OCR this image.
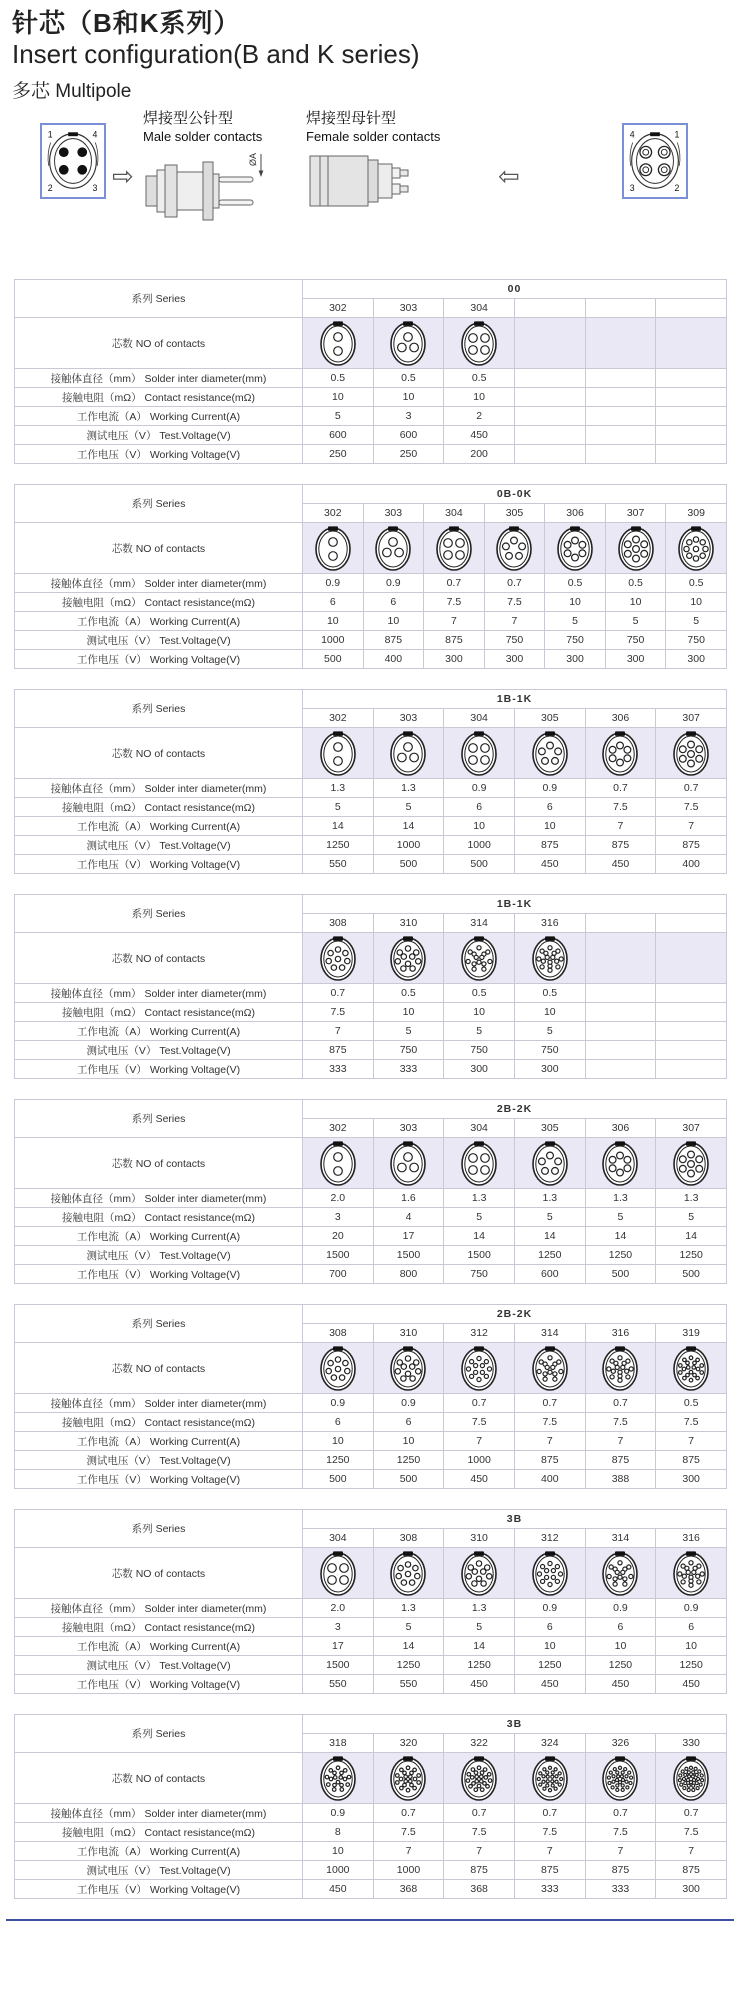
针芯（B和K系列）
Insert configuration(B and K series)
多芯 Multipole
1	4
2	3 ⇨
焊接型公针型
Male solder contacts
ØA
焊接型母针型
Female solder contacts
⇦
4	1
3	2
系列 Series	00					
	302	303	304			
芯数 NO of contacts						
接触体直径（mm） Solder inter diameter(mm)	0.5	0.5	0.5			
接触电阻（mΩ） Contact resistance(mΩ)	10	10	10			
工作电流（A） Working Current(A)	5	3	2			
测试电压（V） Test.Voltage(V)	600	600	450			
工作电压（V） Working Voltage(V)	250	250	200			
系列 Series	0B-0K						
	302	303	304	305	306	307	309
芯数 NO of contacts							
接触体直径（mm） Solder inter diameter(mm)	0.9	0.9	0.7	0.7	0.5	0.5	0.5
接触电阻（mΩ） Contact resistance(mΩ)	6	6	7.5	7.5	10	10	10
工作电流（A） Working Current(A)	10	10	7	7	5	5	5
测试电压（V） Test.Voltage(V)	1000	875	875	750	750	750	750
工作电压（V） Working Voltage(V)	500	400	300	300	300	300	300
系列 Series	1B-1K					
	302	303	304	305	306	307
芯数 NO of contacts						
接触体直径（mm） Solder inter diameter(mm)	1.3	1.3	0.9	0.9	0.7	0.7
接触电阻（mΩ） Contact resistance(mΩ)	5	5	6	6	7.5	7.5
工作电流（A） Working Current(A)	14	14	10	10	7	7
测试电压（V） Test.Voltage(V)	1250	1000	1000	875	875	875
工作电压（V） Working Voltage(V)	550	500	500	450	450	400
系列 Series	1B-1K					
	308	310	314	316		
芯数 NO of contacts						
接触体直径（mm） Solder inter diameter(mm)	0.7	0.5	0.5	0.5		
接触电阻（mΩ） Contact resistance(mΩ)	7.5	10	10	10		
工作电流（A） Working Current(A)	7	5	5	5		
测试电压（V） Test.Voltage(V)	875	750	750	750		
工作电压（V） Working Voltage(V)	333	333	300	300		
系列 Series	2B-2K					
	302	303	304	305	306	307
芯数 NO of contacts						
接触体直径（mm） Solder inter diameter(mm)	2.0	1.6	1.3	1.3	1.3	1.3
接触电阻（mΩ） Contact resistance(mΩ)	3	4	5	5	5	5
工作电流（A） Working Current(A)	20	17	14	14	14	14
测试电压（V） Test.Voltage(V)	1500	1500	1500	1250	1250	1250
工作电压（V） Working Voltage(V)	700	800	750	600	500	500
系列 Series	2B-2K					
	308	310	312	314	316	319
芯数 NO of contacts						
接触体直径（mm） Solder inter diameter(mm)	0.9	0.9	0.7	0.7	0.7	0.5
接触电阻（mΩ） Contact resistance(mΩ)	6	6	7.5	7.5	7.5	7.5
工作电流（A） Working Current(A)	10	10	7	7	7	7
测试电压（V） Test.Voltage(V)	1250	1250	1000	875	875	875
工作电压（V） Working Voltage(V)	500	500	450	400	388	300
系列 Series	3B					
	304	308	310	312	314	316
芯数 NO of contacts						
接触体直径（mm） Solder inter diameter(mm)	2.0	1.3	1.3	0.9	0.9	0.9
接触电阻（mΩ） Contact resistance(mΩ)	3	5	5	6	6	6
工作电流（A） Working Current(A)	17	14	14	10	10	10
测试电压（V） Test.Voltage(V)	1500	1250	1250	1250	1250	1250
工作电压（V） Working Voltage(V)	550	550	450	450	450	450
系列 Series	3B					
	318	320	322	324	326	330
芯数 NO of contacts						
接触体直径（mm） Solder inter diameter(mm)	0.9	0.7	0.7	0.7	0.7	0.7
接触电阻（mΩ） Contact resistance(mΩ)	8	7.5	7.5	7.5	7.5	7.5
工作电流（A） Working Current(A)	10	7	7	7	7	7
测试电压（V） Test.Voltage(V)	1000	1000	875	875	875	875
工作电压（V） Working Voltage(V)	450	368	368	333	333	300
